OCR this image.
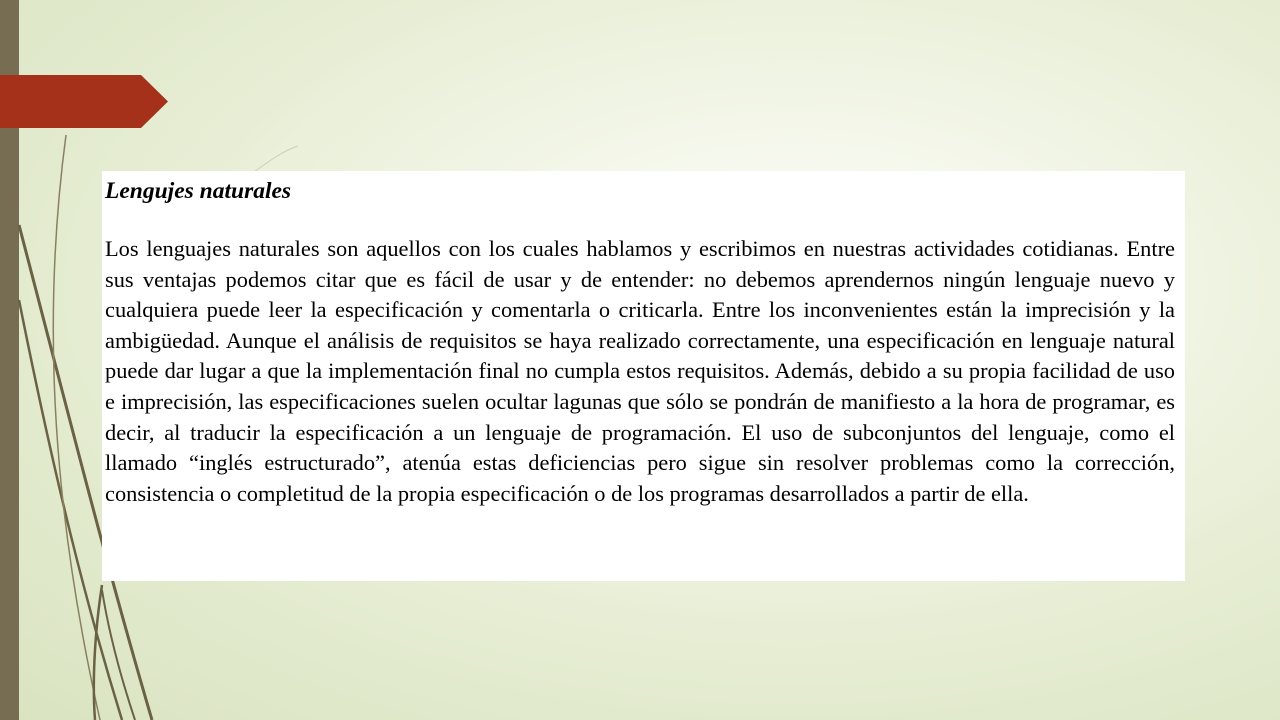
Lengujes naturales

Los lenguajes naturales son aquellos con los cuales hablamos y escribimos en nuestras actividades cotidianas. Entre sus ventajas podemos citar que es fácil de usar y de entender: no debemos aprendernos ningún lenguaje nuevo y cualquiera puede leer la especificación y comentarla o criticarla. Entre los inconvenientes están la imprecisión y la ambigüedad. Aunque el análisis de requisitos se haya realizado correctamente, una especificación en lenguaje natural puede dar lugar a que la implementación final no cumpla estos requisitos. Además, debido a su propia facilidad de uso e imprecisión, las especificaciones suelen ocultar lagunas que sólo se pondrán de manifiesto a la hora de programar, es decir, al traducir la especificación a un lenguaje de programación. El uso de subconjuntos del lenguaje, como el llamado “inglés estructurado”, atenúa estas deficiencias pero sigue sin resolver problemas como la corrección, consistencia o completitud de la propia especificación o de los programas desarrollados a partir de ella.
